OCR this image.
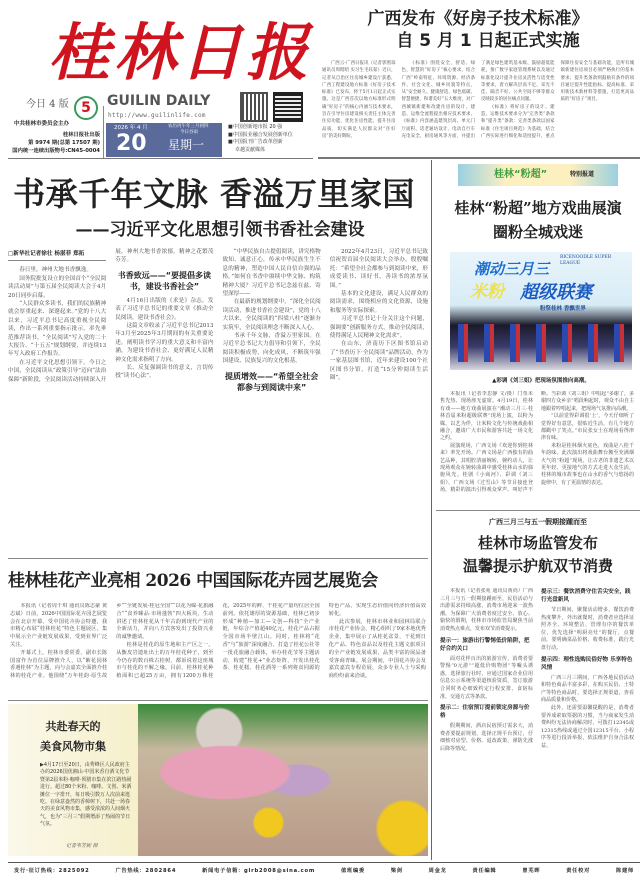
桂林日报
今日 4 版 5
中共桂林市委员会主办
桂林日报社出版
第 9974 期(总第 17507 期)
国内统一连续出版物号:CN45-0004
GUILIN DAILY
http://www.guilinlife.com
2026 年 4 月	农历丙午年三月初四
今日谷雨
20 星期一
■中国创新地市报 20 强
■中国报业融合发展创新单位
■中国报刊广告改革创新
卓越贡献媒体
广西发布《好房子技术标准》
自 5 月 1 日起正式实施

广西云-广西日报讯（记者郭照琼 通讯员周昭昭 实习生毛钰茹）近日，记者从自治区住房城乡建设厅获悉，广西工程建设地方标准《好房子技术标准》已发布，将于5月1日起正式实施。这是广西首次以地方标准形式明确“好房子”的核心内涵与技术要求，旨在引导住房建设相关责任主体完善住房功能、优化住房性能、提升住房品质，切实满足人民群众对“住好房”的美好期盼。

《标准》围绕安全、舒适、绿色、智慧的“好房子”核心要求，结合广西“岭南特征、环境资源、经济条件、社会文化、城乡风貌等特点，从“安全耐久、健康舒适、绿色低碳、智慧便捷、和谐美好”五大维度，对广西城镇新建和改建住房的设计、建造、运维全流程提出相应技术要求。《标准》内容涵盖建筑层高、单元门厅面积、适老通坊设计、电动自行车充电安全、厨房通风等方面，并提出了满足绿色建筑基本级、鼓励超低能耗，推广数字家庭管理系统以及通过标准化设计提升住房灵活性与适变性等要求，着力解决层高不足、采光不佳、隔音不好、公共空间不够等群众反映较多的居住痛点问题。

《标准》将好房子的设计、建造、运维技术要求分为“完善类”条款和“提升类”条款：完善类条款以国家标准《住宅项目规范》为基础，结合广西实际进行细化和适度提升，重点保障住房安全与基础功能，是所有城镇新建住房项目必须严格执行的基本要求；提升类条款则鼓励有条件的项目通过提升性能指标、提高标准、采用新技术新材料等措施，打造更高品质的“好房子”项目。

书承千年文脉 香溢万里家国
——习近平文化思想引领书香社会建设
□新华社记者徐壮 杨湛菲 郑拓

春日里，神州大地书香飘逸。

国务院批复设立的全国首个“全民阅读活动周”与第五届全民阅读大会于4月20日同步启幕。

“人民群众多读书，我们的民族精神就会厚重起来、深邃起来。”党的十八大以来，习近平总书记高度重视全民阅读，作出一系列重要指示批示，率先垂范推荐读书。“全民阅读”写入党的二十大报告、“十五五”规划纲要，并连续13年写入政府工作报告。

在习近平文化思想引领下，今日之中国，全民阅读从“政策引导”迈向“法治保障”新阶段，全民阅读活动持续深入开展，神州大地书香浓郁，精神之花繁茂芬芳。

书香致远——“要提倡多读书，建设书香社会”

4月16日出版的《求是》杂志，发表了习近平总书记的重要文章《推动全民阅读，建设书香社会》。

这篇文章收录了习近平总书记2013年3月至2025年3月期间的有关重要论述，阐明读书学习的重大意义和丰富内涵，为建设书香社会、更好满足人民精神文化需求指明了方向。

长、反复强调读书的意义，言切传授“读书心法”。

“中华民族自古提倡阅读，讲究格物致知、诚意正心，传承中华民族生生不息的精神，塑造中国人民自信自强的品格。”如何在书香中赓续中华文脉、构筑精神大厦？习近平总书记念兹在兹、寄望深厚——

在最新的规划纲要中，“深化全民阅读活动，推进书香社会建设”，党的十八大以来，全民阅读的“四梁八柱”逐渐夯实筑牢，全民阅读理念不断深入人心。

书承千年文脉，香溢万里家国。在习近平总书记大力倡导和引领下，全民阅读积极成势，向化成风，不断筑牢强国建设、民族复兴的文化根基。

提质增效——“希望全社会都参与到阅读中来”

2022年4月23日，习近平总书记致信祝贺首届全民阅读大会举办，殷殷嘱托：“希望全社会都参与到阅读中来，形成爱读书、读好书、善读书的浓厚氛围。”

基本的文化建设，满足人民群众的阅读需求，围绕相应的文化资源，设施和服务等实际探索。

习近平总书记十分关注这个问题，强调要“创新服务方式，推动全民阅读，使得满足人民精神文化需求”。

在山东，济南历下区图书馆启动了“书香历下·全民阅读”品牌活动，作为一家基层图书馆，近年来建设100个社区图书分馆，打造“15分钟阅读生活圈”。

桂林桂花产业亮相 2026 中国国际花卉园艺展览会

本报讯（记者周千琪 通讯员陈志豪 黄志斌）日前，2026中国国际花卉园艺展览会在北京开幕。受中国花卉协会特邀，我市精心布展“桂林桂花”特色主题展区，集中展示全产业链发展成果，受到业界广泛关注。

开幕式上，桂林市委常委、副市长陈国富作为首位品牌推介人，以“紫花园林 香遇桂林”为主题，向与会嘉宾全面推介桂林的桂花产业。他围绕“万年桂韵·原生故乡”“全链发展·桂冠全国”“以花为媒·花旅融合”“食养臻品·市场蓬勃”四大板块，生动讲述了桂林桂花从千年古韵到现代产业的全新活力，并向八方宾客发出了投资兴业的诚挚邀请。

桂林是桂花的原生地和主产区之一，从甑皮岩遗址出土的万年桂花种子，到至今仍存的数百株古桂树，都诉说着这座城市与桂花的不解之缘。目前，桂林桂花种植面积已超25万亩，拥有1200万株桂花，2025年的鲜、干桂花产量均位居全国前列。依托雄厚的资源基础，桂林已初步形成“种植—加工—文创—科技”全产业链，年综合产值超40亿元，桂花产品占据全国市场半壁江山。同时，桂林将“花香”与“旅游”深度融合，打造了桂花公社等一批花旅融合载体，举办桂花节等主题活动，构建“桂花+”业态矩阵，开发出桂花茶、桂花糕、桂花酒等一系列将食同源的特色产品，实现生态价值向经济价值高效转化。

此次参展，桂林市林业和园林局联合市桂花产业协会，精心组织了9家本地优秀企业，集中展示了从桂花盆景、干花到日化产品、特色食品以及桂花主题文旅项目的全产业链发展成果，品类丰富的展品备受客商青睐。展会期间，中国花卉协会及嘉宾嘉宾专程莅展，众多专业人士与采购商纷纷前来洽谈。

共赴春天的
美食风物市集
▶4月17日至20日，由秀峰区人民政府主办的2026国优湘山·中国米香自酒文化节暨第2届米粉·咖啡·预膳市集在滨江路热闹进行。超过80个米粉、咖啡、文创、米酒摊位一字排开，每日吸引数万人次前来逛吃。在绿意盎然的香樟树下，共赴一场春天的美食风物市集，感受浓浓的人间烟火气，也为“三月三”假期增添了热闹的节日气氛。
记者韦芳妮 摄
桂林“粉超”	特别报道
桂林“粉超”地方戏曲展演
圈粉全城戏迷
潮动三月三
RICENOODLE SUPER LEAGUE
米粉 超级联赛
粉祭桂林 香飘世界
▲彩调《刘三姐》把现场氛围推向高潮。

本报讯（记者李思静 文/摄）门票未售先热、现场座无虚席。4月19日，桂林有戏——地方戏曲展演在“潮动三月三·桂林首届米粉超级联赛”现场上演，以粉为媒、以艺为伴，让米粉文化与传统戏曲相融合，邀请广大市民和游客共赴一场文化之约。

展演现场，广西文场《欢迎你到桂林来》率先开场。广西文场是广西独有的曲艺品种，其唱腔清丽婉转，婉约动人，让现场观众在婉转曲调中感受桂林山水的旖旎风光。桂剧《小商河》、彩调《刘三姐》、广西文场《过雪山》等节目接连登场，精彩的演出引得观众掌声、叫好声不断。当彩调《刘三姐》中唱起“多谢了，多谢四方众乡亲”唱段响起时，观众不由自主地跟着哼唱起来，把现场气氛推向高潮。

“以前觉得彩调很‘土’，今天仔细听了觉得好有意思，很贴近生活，有几个地方都戳中了笑点。”市民张女士在现场看得津津有味。

米粉是桂林烟火底色，戏曲是八桂千年韵味。此次演出将戏曲舞台搬至充满烟火气的“粉超”现场，让古老的非遗艺术以更年轻、更接地气的方式走进大众生活，桂林的城市故事也在山水的香气与悠扬的旋律中，有了更温情的表达。

广西三月三与五一假期接踵而至
桂林市场监管发布
温馨提示护航双节消费

本报讯（记者张苑 通讯员黄尚）广西三月三与五一假期接踵而至，民俗活动与出游需求持续高涨，消费市场迎来一波热潮。为保障广大消费者度过安全、放心、愉快的假期，桂林市市场监管局聚焦当前消费热点难点，发布双节消费提示。

提示一：旅游出行警惕低价陷阱，把好合约关口

面对花样百出的旅游宣传，消费者要警惕“0元游”“超低价购物团”等噱头诱惑，选择旅行社时，应通过国家企业信用信息公示系统等渠道核验资质，签订旅游合同时务必细致约定行程安排、食宿标准、交通方式等条款。

提示二：住宿预订提前锁定房源与价格

假期期间，酒店民宿预订需求大，消费者要提前规划，选择正规平台预订，仔细核对房型、价格、退改政策，谨防先涨后降等情况。

提示三：餐饮消费守住舌尖安全，践行光盘新风

节日期间，聚餐活动增多，餐饮消费热度攀升，外出就餐时，消费者应选择证照齐全、环境整洁、管理有序的餐饮单位，优先选择“明厨亮灶”的餐厅，点餐前，要明确菜品价格、收费标准，践行光盘行动。

提示四：理性选购民俗好物 乐享特色风情

广西三月三期间，广西各地民俗活动和特色商品丰富多彩，在购买民俗、土特产等特色商品时，要选择正规渠道，查看商品质量和价格。

此外，还需要温馨提醒的是，消费者要养成索取票据的习惯，当与商家发生消费纠纷无法协商解决时，可拨打12345或12315热线或通过全国12315平台、小程序等进行投诉举报，依法维护自身合法权益。

发行·征订热线：2825092	广告热线：2802864	新闻电子信箱：glrb2008@sina.com	值班编委	梁剑	周金龙	责任编辑	曾芜晖	责任校对	陈建师
